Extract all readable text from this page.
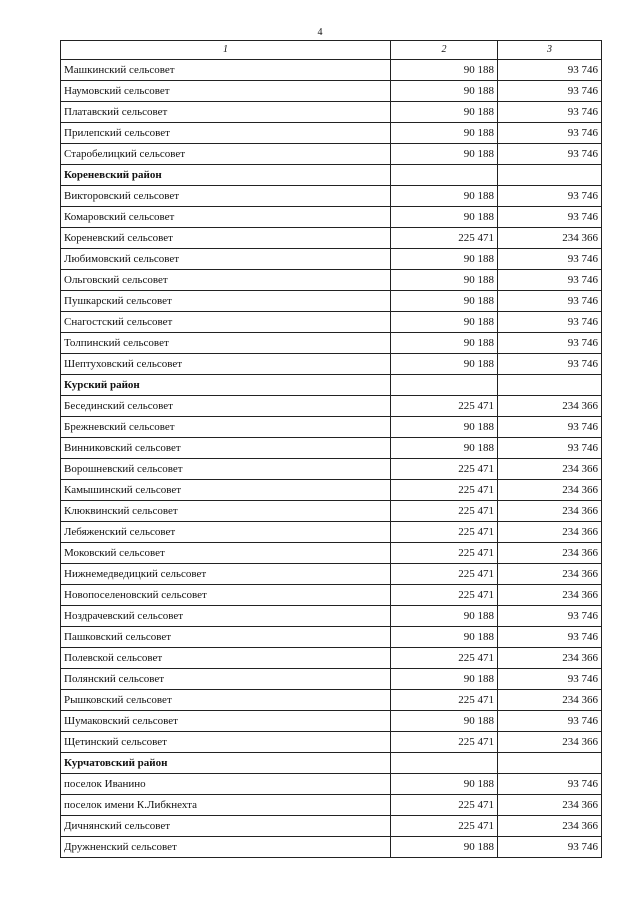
4
1	2	3
Машкинский сельсовет	90 188	93 746
Наумовский сельсовет	90 188	93 746
Платавский сельсовет	90 188	93 746
Прилепский сельсовет	90 188	93 746
Старобелицкий сельсовет	90 188	93 746
Кореневский район		
Викторовский сельсовет	90 188	93 746
Комаровский сельсовет	90 188	93 746
Кореневский сельсовет	225 471	234 366
Любимовский сельсовет	90 188	93 746
Ольговский сельсовет	90 188	93 746
Пушкарский сельсовет	90 188	93 746
Снагостский сельсовет	90 188	93 746
Толпинский сельсовет	90 188	93 746
Шептуховский сельсовет	90 188	93 746
Курский район		
Бесединский сельсовет	225 471	234 366
Брежневский сельсовет	90 188	93 746
Винниковский сельсовет	90 188	93 746
Ворошневский сельсовет	225 471	234 366
Камышинский сельсовет	225 471	234 366
Клюквинский сельсовет	225 471	234 366
Лебяженский сельсовет	225 471	234 366
Моковский сельсовет	225 471	234 366
Нижнемедведицкий сельсовет	225 471	234 366
Новопоселеновский сельсовет	225 471	234 366
Ноздрачевский сельсовет	90 188	93 746
Пашковский сельсовет	90 188	93 746
Полевской сельсовет	225 471	234 366
Полянский сельсовет	90 188	93 746
Рышковский сельсовет	225 471	234 366
Шумаковский сельсовет	90 188	93 746
Щетинский сельсовет	225 471	234 366
Курчатовский район		
поселок Иванино	90 188	93 746
поселок имени К.Либкнехта	225 471	234 366
Дичнянский сельсовет	225 471	234 366
Дружненский сельсовет	90 188	93 746
